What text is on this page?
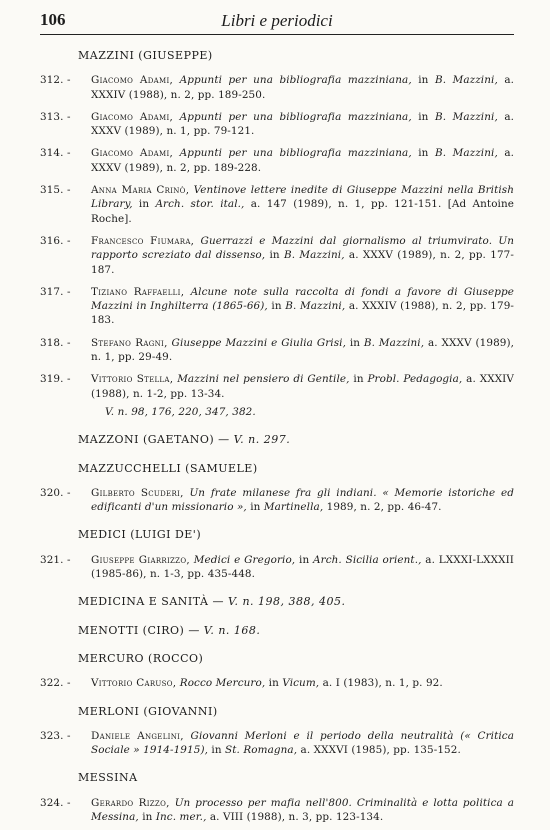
106	Libri e periodici
MAZZINI (GIUSEPPE)
312. -	Giacomo Adami, Appunti per una bibliografia mazziniana, in B. Mazzini, a. XXXIV (1988), n. 2, pp. 189-250.
313. -	Giacomo Adami, Appunti per una bibliografia mazziniana, in B. Mazzini, a. XXXV (1989), n. 1, pp. 79-121.
314. -	Giacomo Adami, Appunti per una bibliografia mazziniana, in B. Mazzini, a. XXXV (1989), n. 2, pp. 189-228.
315. -	Anna Maria Crinò, Ventinove lettere inedite di Giuseppe Mazzini nella British Library, in Arch. stor. ital., a. 147 (1989), n. 1, pp. 121-151. [Ad Antoine Roche].
316. -	Francesco Fiumara, Guerrazzi e Mazzini dal giornalismo al triumvirato. Un rapporto screziato dal dissenso, in B. Mazzini, a. XXXV (1989), n. 2, pp. 177-187.
317. -	Tiziano Raffaelli, Alcune note sulla raccolta di fondi a favore di Giuseppe Mazzini in Inghilterra (1865-66), in B. Mazzini, a. XXXIV (1988), n. 2, pp. 179-183.
318. -	Stefano Ragni, Giuseppe Mazzini e Giulia Grisi, in B. Mazzini, a. XXXV (1989), n. 1, pp. 29-49.
319. -	Vittorio Stella, Mazzini nel pensiero di Gentile, in Probl. Pedagogia, a. XXXIV (1988), n. 1-2, pp. 13-34.
V. n. 98, 176, 220, 347, 382.
MAZZONI (GAETANO) — V. n. 297.
MAZZUCCHELLI (SAMUELE)
320. -	Gilberto Scuderi, Un frate milanese fra gli indiani. « Memorie istoriche ed edificanti d'un missionario », in Martinella, 1989, n. 2, pp. 46-47.
MEDICI (LUIGI DE')
321. -	Giuseppe Giarrizzo, Medici e Gregorio, in Arch. Sicilia orient., a. LXXXI-LXXXII (1985-86), n. 1-3, pp. 435-448.
MEDICINA E SANITÀ — V. n. 198, 388, 405.
MENOTTI (CIRO) — V. n. 168.
MERCURO (ROCCO)
322. -	Vittorio Caruso, Rocco Mercuro, in Vicum, a. I (1983), n. 1, p. 92.
MERLONI (GIOVANNI)
323. -	Daniele Angelini, Giovanni Merloni e il periodo della neutralità (« Critica Sociale » 1914-1915), in St. Romagna, a. XXXVI (1985), pp. 135-152.
MESSINA
324. -	Gerardo Rizzo, Un processo per mafia nell'800. Criminalità e lotta politica a Messina, in Inc. mer., a. VIII (1988), n. 3, pp. 123-134.
